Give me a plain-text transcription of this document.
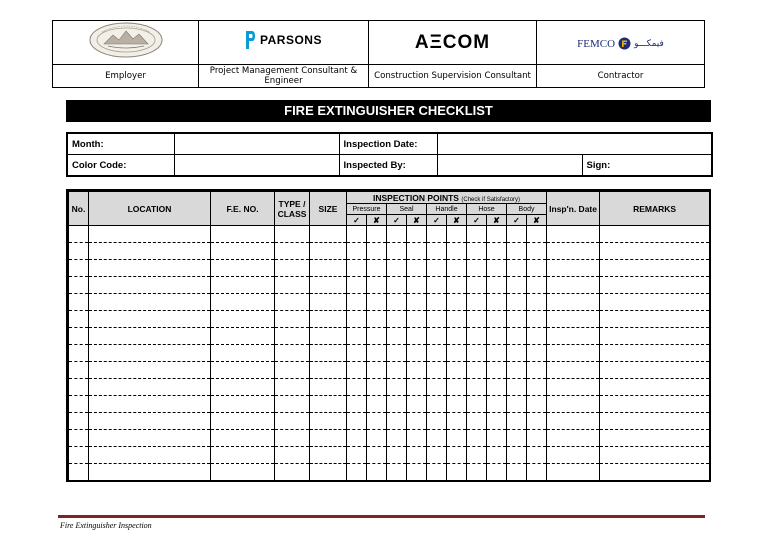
PARSONS	AΞCOM	FEMCO فيمكـــو

Employer	Project Management Consultant & Engineer	Construction Supervision Consultant	Contractor
FIRE EXTINGUISHER CHECKLIST
Month:		Inspection Date:		
Color Code:		Inspected By:		Sign:
No.	LOCATION	F.E. NO.	TYPE / CLASS	SIZE	INSPECTION POINTS (Check if Satisfactory)										Insp'n. Date	REMARKS
					Pressure		Seal		Handle		Hose		Body			
					✓	✘	✓	✘	✓	✘	✓	✘	✓	✘		

Fire Extinguisher Inspection
